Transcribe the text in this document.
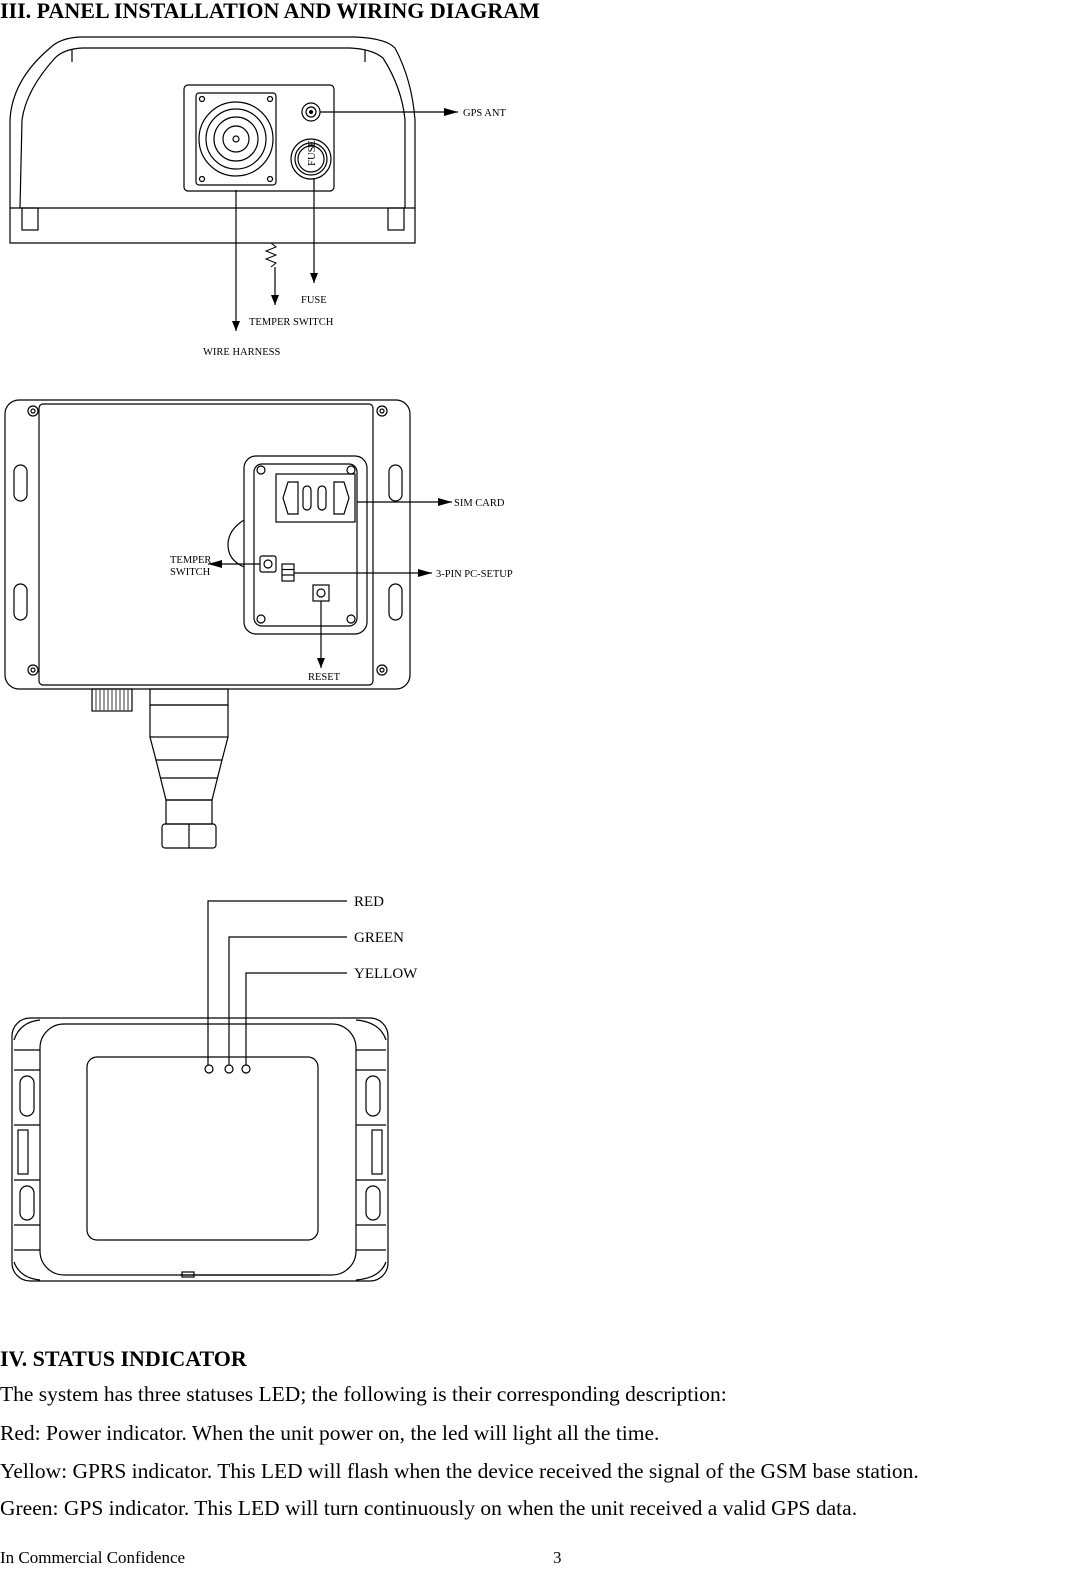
III. PANEL INSTALLATION AND WIRING DIAGRAM
GPS ANT
FUSE
FUSE
TEMPER SWITCH
WIRE HARNESS
SIM CARD
3-PIN PC-SETUP
TEMPER
SWITCH
RESET
RED
GREEN
YELLOW
IV. STATUS INDICATOR

The system has three statuses LED; the following is their corresponding description:

Red: Power indicator. When the unit power on, the led will light all the time.

Yellow: GPRS indicator. This LED will flash when the device received the signal of the GSM base station.

Green: GPS indicator. This LED will turn continuously on when the unit received a valid GPS data.

In Commercial Confidence	3
